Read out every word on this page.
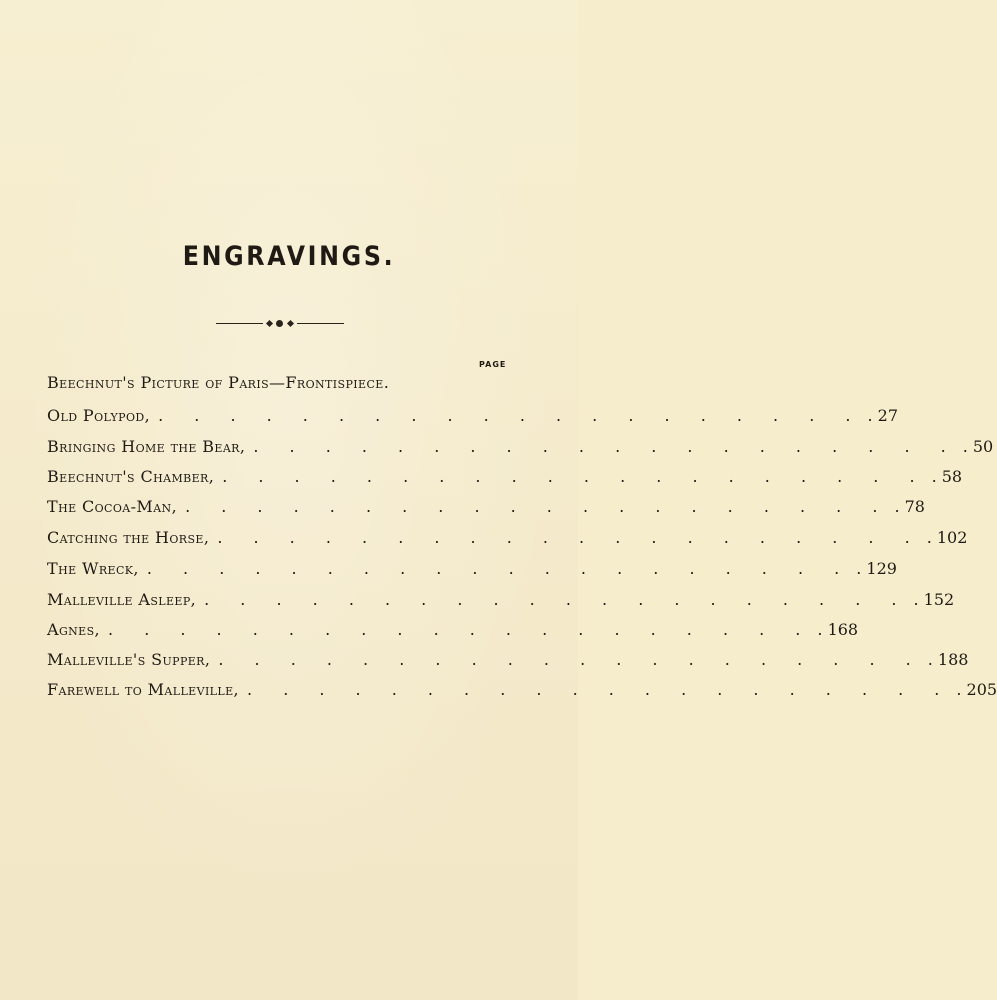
ENGRAVINGS.
PAGE
Beechnut's Picture of Paris—Frontispiece.
Old Polypod, . . . . . . . . . . . . . . . . . . . . . 27
Bringing Home the Bear, . . . . . . . . . . . . . . . . . . . . . 50
Beechnut's Chamber, . . . . . . . . . . . . . . . . . . . . . 58
The Cocoa-Man, . . . . . . . . . . . . . . . . . . . . . 78
Catching the Horse, . . . . . . . . . . . . . . . . . . . . . 102
The Wreck, . . . . . . . . . . . . . . . . . . . . . 129
Malleville Asleep, . . . . . . . . . . . . . . . . . . . . . 152
Agnes, . . . . . . . . . . . . . . . . . . . . . 168
Malleville's Supper, . . . . . . . . . . . . . . . . . . . . . 188
Farewell to Malleville, . . . . . . . . . . . . . . . . . . . . . 205
